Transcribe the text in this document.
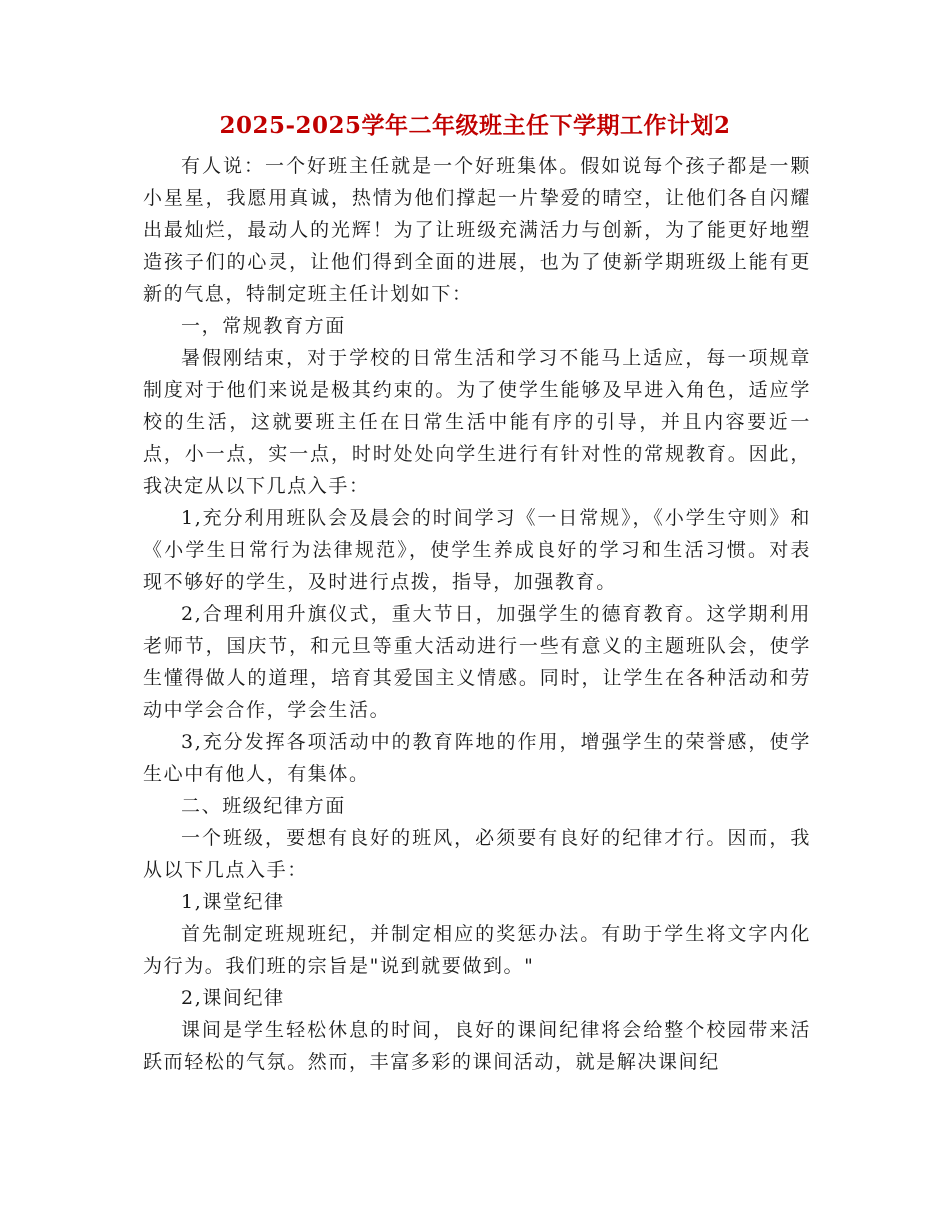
2025-2025学年二年级班主任下学期工作计划2

有人说：一个好班主任就是一个好班集体。假如说每个孩子都是一颗小星星，我愿用真诚，热情为他们撑起一片挚爱的晴空，让他们各自闪耀出最灿烂，最动人的光辉！为了让班级充满活力与创新，为了能更好地塑造孩子们的心灵，让他们得到全面的进展，也为了使新学期班级上能有更新的气息，特制定班主任计划如下：

一，常规教育方面

暑假刚结束，对于学校的日常生活和学习不能马上适应，每一项规章制度对于他们来说是极其约束的。为了使学生能够及早进入角色，适应学校的生活，这就要班主任在日常生活中能有序的引导，并且内容要近一点，小一点，实一点，时时处处向学生进行有针对性的常规教育。因此，我决定从以下几点入手：

1,充分利用班队会及晨会的时间学习《一日常规》，《小学生守则》和《小学生日常行为法律规范》，使学生养成良好的学习和生活习惯。对表现不够好的学生，及时进行点拨，指导，加强教育。

2,合理利用升旗仪式，重大节日，加强学生的德育教育。这学期利用老师节，国庆节，和元旦等重大活动进行一些有意义的主题班队会，使学生懂得做人的道理，培育其爱国主义情感。同时，让学生在各种活动和劳动中学会合作，学会生活。

3,充分发挥各项活动中的教育阵地的作用，增强学生的荣誉感，使学生心中有他人，有集体。

二、班级纪律方面

一个班级，要想有良好的班风，必须要有良好的纪律才行。因而，我从以下几点入手：

1,课堂纪律

首先制定班规班纪，并制定相应的奖惩办法。有助于学生将文字内化为行为。我们班的宗旨是"说到就要做到。"

2,课间纪律

课间是学生轻松休息的时间，良好的课间纪律将会给整个校园带来活跃而轻松的气氛。然而，丰富多彩的课间活动，就是解决课间纪
